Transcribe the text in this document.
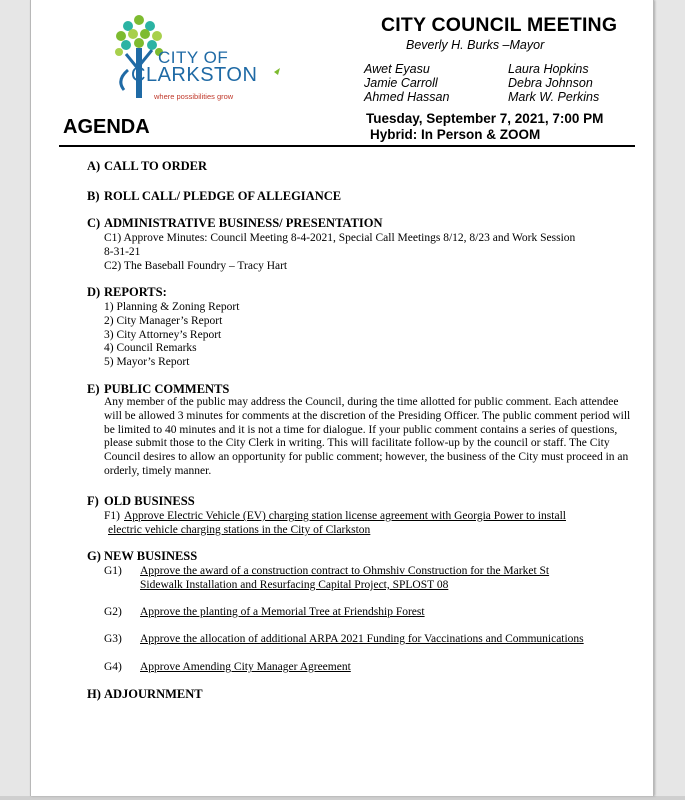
CITY OF
CLARKSTON
where possibilities grow
CITY COUNCIL MEETING
Beverly H. Burks –Mayor
Awet Eyasu
Jamie Carroll
Ahmed Hassan
Laura Hopkins
Debra Johnson
Mark W. Perkins
AGENDA	Tuesday, September 7, 2021, 7:00 PM
Hybrid: In Person & ZOOM
A) CALL TO ORDER
B) ROLL CALL/ PLEDGE OF ALLEGIANCE
C) ADMINISTRATIVE BUSINESS/ PRESENTATION
C1) Approve Minutes: Council Meeting 8-4-2021, Special Call Meetings 8/12, 8/23 and Work Session
8-31-21
C2) The Baseball Foundry – Tracy Hart
D) REPORTS:
1) Planning & Zoning Report
2) City Manager’s Report
3) City Attorney’s Report
4) Council Remarks
5) Mayor’s Report
E) PUBLIC COMMENTS
Any member of the public may address the Council, during the time allotted for public comment. Each attendee will be allowed 3 minutes for comments at the discretion of the Presiding Officer. The public comment period will be limited to 40 minutes and it is not a time for dialogue. If your public comment contains a series of questions, please submit those to the City Clerk in writing. This will facilitate follow-up by the council or staff. The City Council desires to allow an opportunity for public comment; however, the business of the City must proceed in an orderly, timely manner.
F) OLD BUSINESS
F1) Approve Electric Vehicle (EV) charging station license agreement with Georgia Power to install
electric vehicle charging stations in the City of Clarkston
G) NEW BUSINESS
G1) Approve the award of a construction contract to Ohmshiv Construction for the Market St
Sidewalk Installation and Resurfacing Capital Project, SPLOST 08
G2) Approve the planting of a Memorial Tree at Friendship Forest
G3) Approve the allocation of additional ARPA 2021 Funding for Vaccinations and Communications
G4) Approve Amending City Manager Agreement
H) ADJOURNMENT
